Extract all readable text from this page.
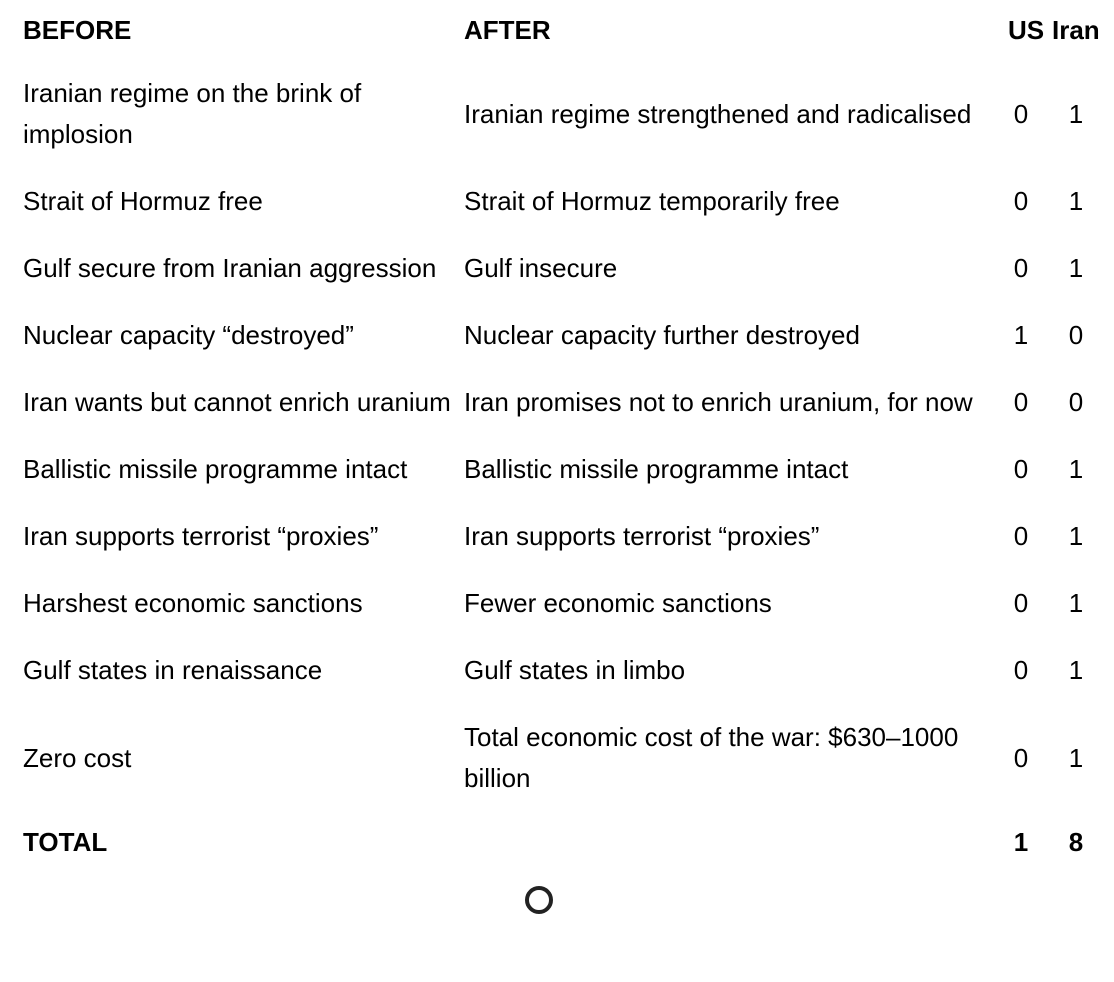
BEFORE	AFTER	US	Iran
Iranian regime on the brink of implosion	Iranian regime strengthened and radicalised	0	1
Strait of Hormuz free	Strait of Hormuz temporarily free	0	1
Gulf secure from Iranian aggression	Gulf insecure	0	1
Nuclear capacity “destroyed”	Nuclear capacity further destroyed	1	0
Iran wants but cannot enrich uranium	Iran promises not to enrich uranium, for now	0	0
Ballistic missile programme intact	Ballistic missile programme intact	0	1
Iran supports terrorist “proxies”	Iran supports terrorist “proxies”	0	1
Harshest economic sanctions	Fewer economic sanctions	0	1
Gulf states in renaissance	Gulf states in limbo	0	1
Zero cost	Total economic cost of the war: $630–1000 billion	0	1
TOTAL		1	8
